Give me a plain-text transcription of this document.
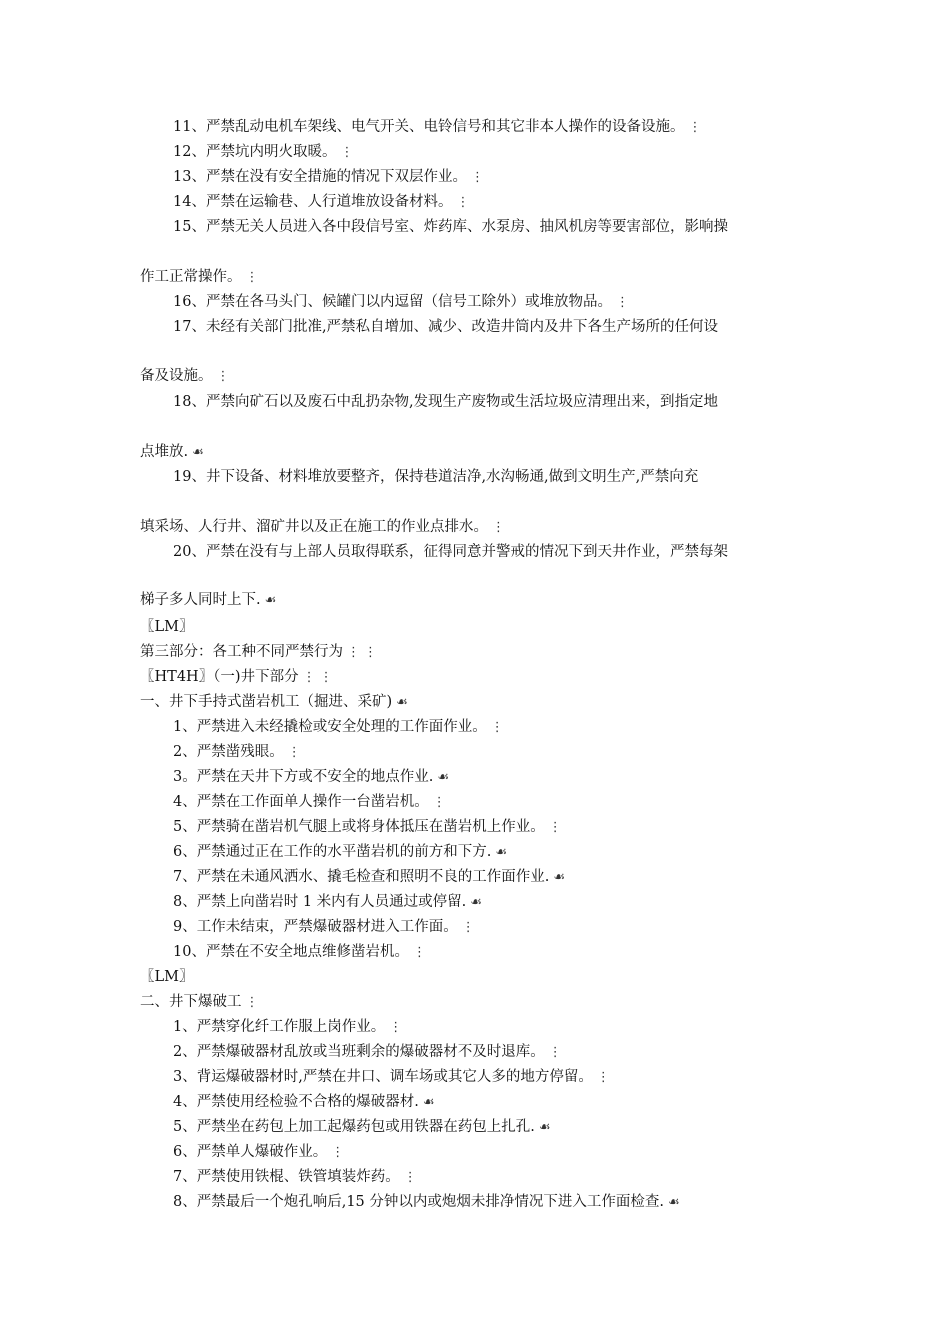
11、严禁乱动电机车架线、电气开关、电铃信号和其它非本人操作的设备设施。 ⋮
12、严禁坑内明火取暖。 ⋮
13、严禁在没有安全措施的情况下双层作业。 ⋮
14、严禁在运输巷、人行道堆放设备材料。 ⋮
15、严禁无关人员进入各中段信号室、炸药库、水泵房、抽风机房等要害部位，影响操
作工正常操作。 ⋮
16、严禁在各马头门、候罐门以内逗留（信号工除外）或堆放物品。 ⋮
17、未经有关部门批准,严禁私自增加、减少、改造井筒内及井下各生产场所的任何设
备及设施。 ⋮
18、严禁向矿石以及废石中乱扔杂物,发现生产废物或生活垃圾应清理出来，到指定地
点堆放. ☙
19、井下设备、材料堆放要整齐，保持巷道洁净,水沟畅通,做到文明生产,严禁向充
填采场、人行井、溜矿井以及正在施工的作业点排水。 ⋮
20、严禁在没有与上部人员取得联系，征得同意并警戒的情况下到天井作业，严禁每架
梯子多人同时上下. ☙
〖LM〗
第三部分：各工种不同严禁行为 ⋮ ⋮
〖HT4H〗（一)井下部分 ⋮ ⋮
一、井下手持式凿岩机工（掘进、采矿) ☙
1、严禁进入未经撬检或安全处理的工作面作业。 ⋮
2、严禁凿残眼。 ⋮
3。严禁在天井下方或不安全的地点作业. ☙
4、严禁在工作面单人操作一台凿岩机。 ⋮
5、严禁骑在凿岩机气腿上或将身体抵压在凿岩机上作业。 ⋮
6、严禁通过正在工作的水平凿岩机的前方和下方. ☙
7、严禁在未通风洒水、撬毛检查和照明不良的工作面作业. ☙
8、严禁上向凿岩时 1 米内有人员通过或停留. ☙
9、工作未结束，严禁爆破器材进入工作面。 ⋮
10、严禁在不安全地点维修凿岩机。 ⋮
〖LM〗
二、井下爆破工 ⋮
1、严禁穿化纤工作服上岗作业。 ⋮
2、严禁爆破器材乱放或当班剩余的爆破器材不及时退库。 ⋮
3、背运爆破器材时,严禁在井口、调车场或其它人多的地方停留。 ⋮
4、严禁使用经检验不合格的爆破器材. ☙
5、严禁坐在药包上加工起爆药包或用铁器在药包上扎孔. ☙
6、严禁单人爆破作业。 ⋮
7、严禁使用铁棍、铁管填装炸药。 ⋮
8、严禁最后一个炮孔响后,15 分钟以内或炮烟未排净情况下进入工作面检查. ☙
